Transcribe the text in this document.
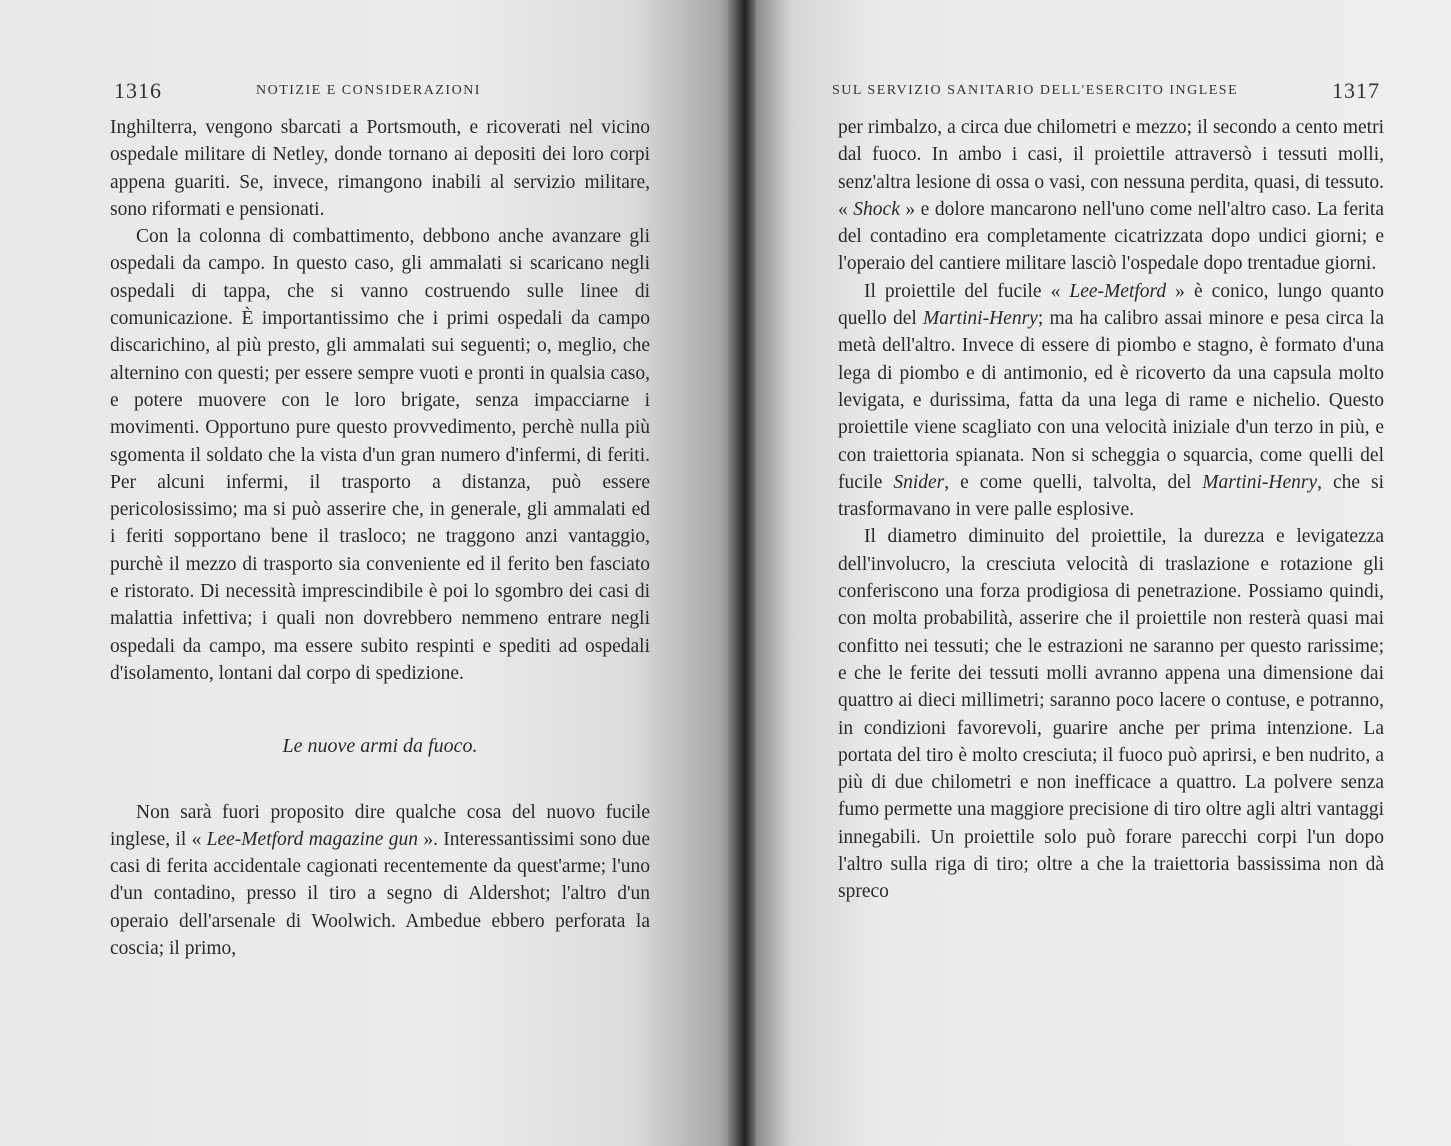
1316	NOTIZIE E CONSIDERAZIONI

Inghilterra, vengono sbarcati a Portsmouth, e ricoverati nel vicino ospedale militare di Netley, donde tornano ai depositi dei loro corpi appena guariti. Se, invece, rimangono inabili al servizio militare, sono riformati e pensionati.

Con la colonna di combattimento, debbono anche avanzare gli ospedali da campo. In questo caso, gli ammalati si scaricano negli ospedali di tappa, che si vanno costruendo sulle linee di comunicazione. È importantissimo che i primi ospedali da campo discarichino, al più presto, gli ammalati sui seguenti; o, meglio, che alternino con questi; per essere sempre vuoti e pronti in qualsia caso, e potere muovere con le loro brigate, senza impacciarne i movimenti. Opportuno pure questo provvedimento, perchè nulla più sgomenta il soldato che la vista d'un gran numero d'infermi, di feriti. Per alcuni infermi, il trasporto a distanza, può essere pericolosissimo; ma si può asserire che, in generale, gli ammalati ed i feriti sopportano bene il trasloco; ne traggono anzi vantaggio, purchè il mezzo di trasporto sia conveniente ed il ferito ben fasciato e ristorato. Di necessità imprescindibile è poi lo sgombro dei casi di malattia infettiva; i quali non dovrebbero nemmeno entrare negli ospedali da campo, ma essere subito respinti e spediti ad ospedali d'isolamento, lontani dal corpo di spedizione.

Le nuove armi da fuoco.

Non sarà fuori proposito dire qualche cosa del nuovo fucile inglese, il « Lee-Metford magazine gun ». Interessantissimi sono due casi di ferita accidentale cagionati recentemente da quest'arme; l'uno d'un contadino, presso il tiro a segno di Aldershot; l'altro d'un operaio dell'arsenale di Woolwich. Ambedue ebbero perforata la coscia; il primo,

SUL SERVIZIO SANITARIO DELL'ESERCITO INGLESE	1317

per rimbalzo, a circa due chilometri e mezzo; il secondo a cento metri dal fuoco. In ambo i casi, il proiettile attraversò i tessuti molli, senz'altra lesione di ossa o vasi, con nessuna perdita, quasi, di tessuto. « Shock » e dolore mancarono nell'uno come nell'altro caso. La ferita del contadino era completamente cicatrizzata dopo undici giorni; e l'operaio del cantiere militare lasciò l'ospedale dopo trentadue giorni.

Il proiettile del fucile « Lee-Metford » è conico, lungo quanto quello del Martini-Henry; ma ha calibro assai minore e pesa circa la metà dell'altro. Invece di essere di piombo e stagno, è formato d'una lega di piombo e di antimonio, ed è ricoverto da una capsula molto levigata, e durissima, fatta da una lega di rame e nichelio. Questo proiettile viene scagliato con una velocità iniziale d'un terzo in più, e con traiettoria spianata. Non si scheggia o squarcia, come quelli del fucile Snider, e come quelli, talvolta, del Martini-Henry, che si trasformavano in vere palle esplosive.

Il diametro diminuito del proiettile, la durezza e levigatezza dell'involucro, la cresciuta velocità di traslazione e rotazione gli conferiscono una forza prodigiosa di penetrazione. Possiamo quindi, con molta probabilità, asserire che il proiettile non resterà quasi mai confitto nei tessuti; che le estrazioni ne saranno per questo rarissime; e che le ferite dei tessuti molli avranno appena una dimensione dai quattro ai dieci millimetri; saranno poco lacere o contuse, e potranno, in condizioni favorevoli, guarire anche per prima intenzione. La portata del tiro è molto cresciuta; il fuoco può aprirsi, e ben nudrito, a più di due chilometri e non inefficace a quattro. La polvere senza fumo permette una maggiore precisione di tiro oltre agli altri vantaggi innegabili. Un proiettile solo può forare parecchi corpi l'un dopo l'altro sulla riga di tiro; oltre a che la traiettoria bassissima non dà spreco
